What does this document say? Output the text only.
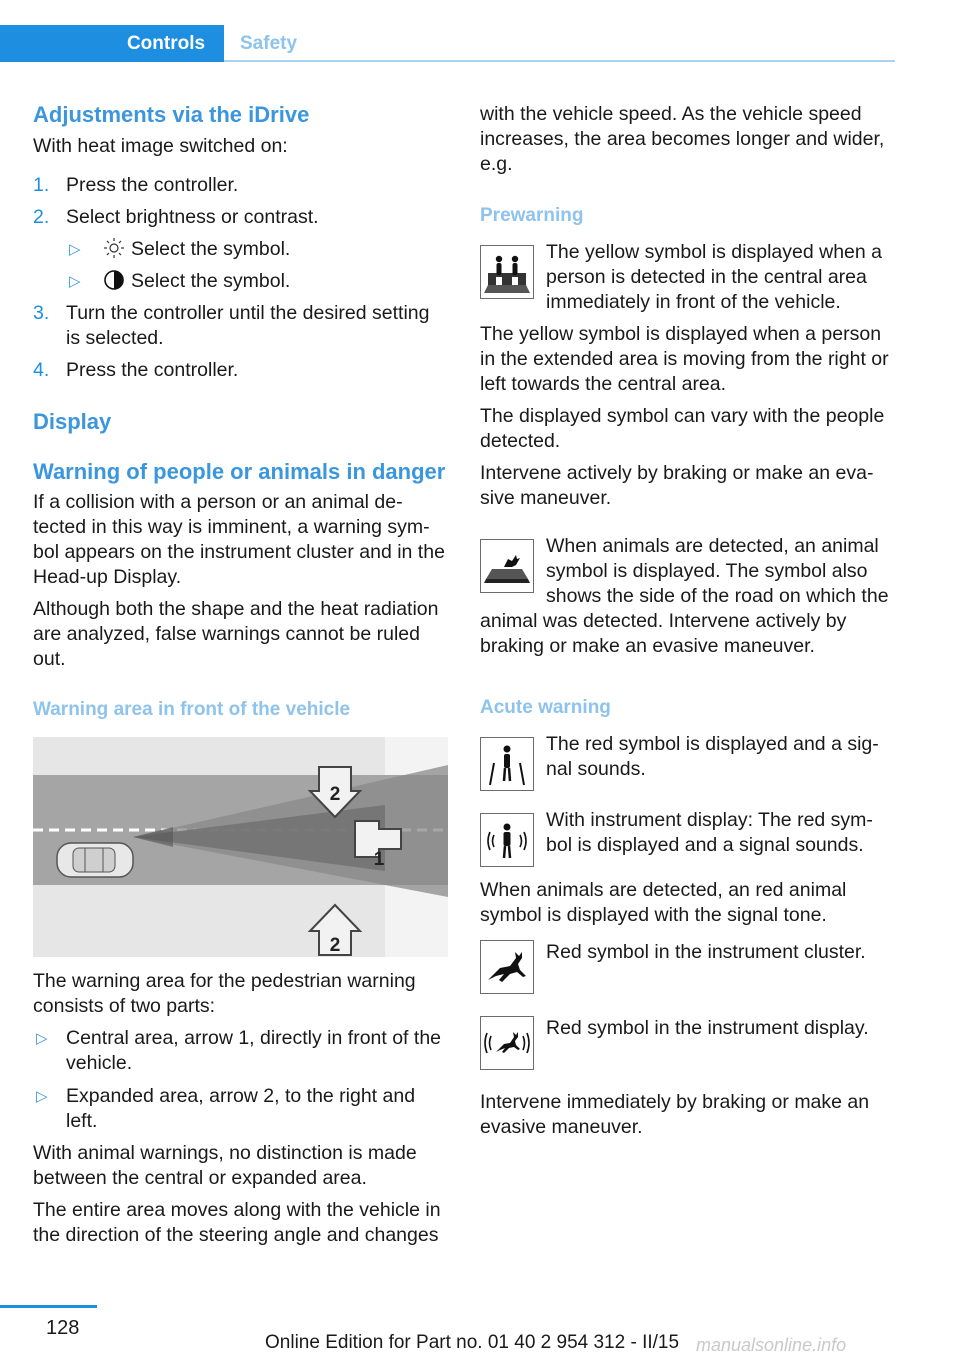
Controls Safety
Adjustments via the iDrive

With heat image switched on:

1. Press the controller.
2. Select brightness or contrast.
▷	Select the symbol.
▷	Select the symbol.
3. Turn the controller until the desired setting is selected.
4. Press the controller.
Display
Warning of people or animals in danger

If a collision with a person or an animal de-tected in this way is imminent, a warning sym-bol appears on the instrument cluster and in the Head-up Display.

Although both the shape and the heat radiation are analyzed, false warnings cannot be ruled out.

Warning area in front of the vehicle
2
1
2

The warning area for the pedestrian warning consists of two parts:

▷ Central area, arrow 1, directly in front of the vehicle.
▷ Expanded area, arrow 2, to the right and left.

With animal warnings, no distinction is made between the central or expanded area.

The entire area moves along with the vehicle in the direction of the steering angle and changes

with the vehicle speed. As the vehicle speed increases, the area becomes longer and wider, e.g.

Prewarning

The yellow symbol is displayed when a person is detected in the central area immediately in front of the vehicle.

The yellow symbol is displayed when a person in the extended area is moving from the right or left towards the central area.

The displayed symbol can vary with the people detected.

Intervene actively by braking or make an eva-sive maneuver.

When animals are detected, an animal symbol is displayed. The symbol also shows the side of the road on which the animal was detected. Intervene actively by braking or make an evasive maneuver.

Acute warning

The red symbol is displayed and a sig-nal sounds.

With instrument display: The red sym-bol is displayed and a signal sounds.

When animals are detected, an red animal symbol is displayed with the signal tone.

Red symbol in the instrument cluster.

Red symbol in the instrument display.

Intervene immediately by braking or make an evasive maneuver.

128
Online Edition for Part no. 01 40 2 954 312 - II/15 manualsonline.info
